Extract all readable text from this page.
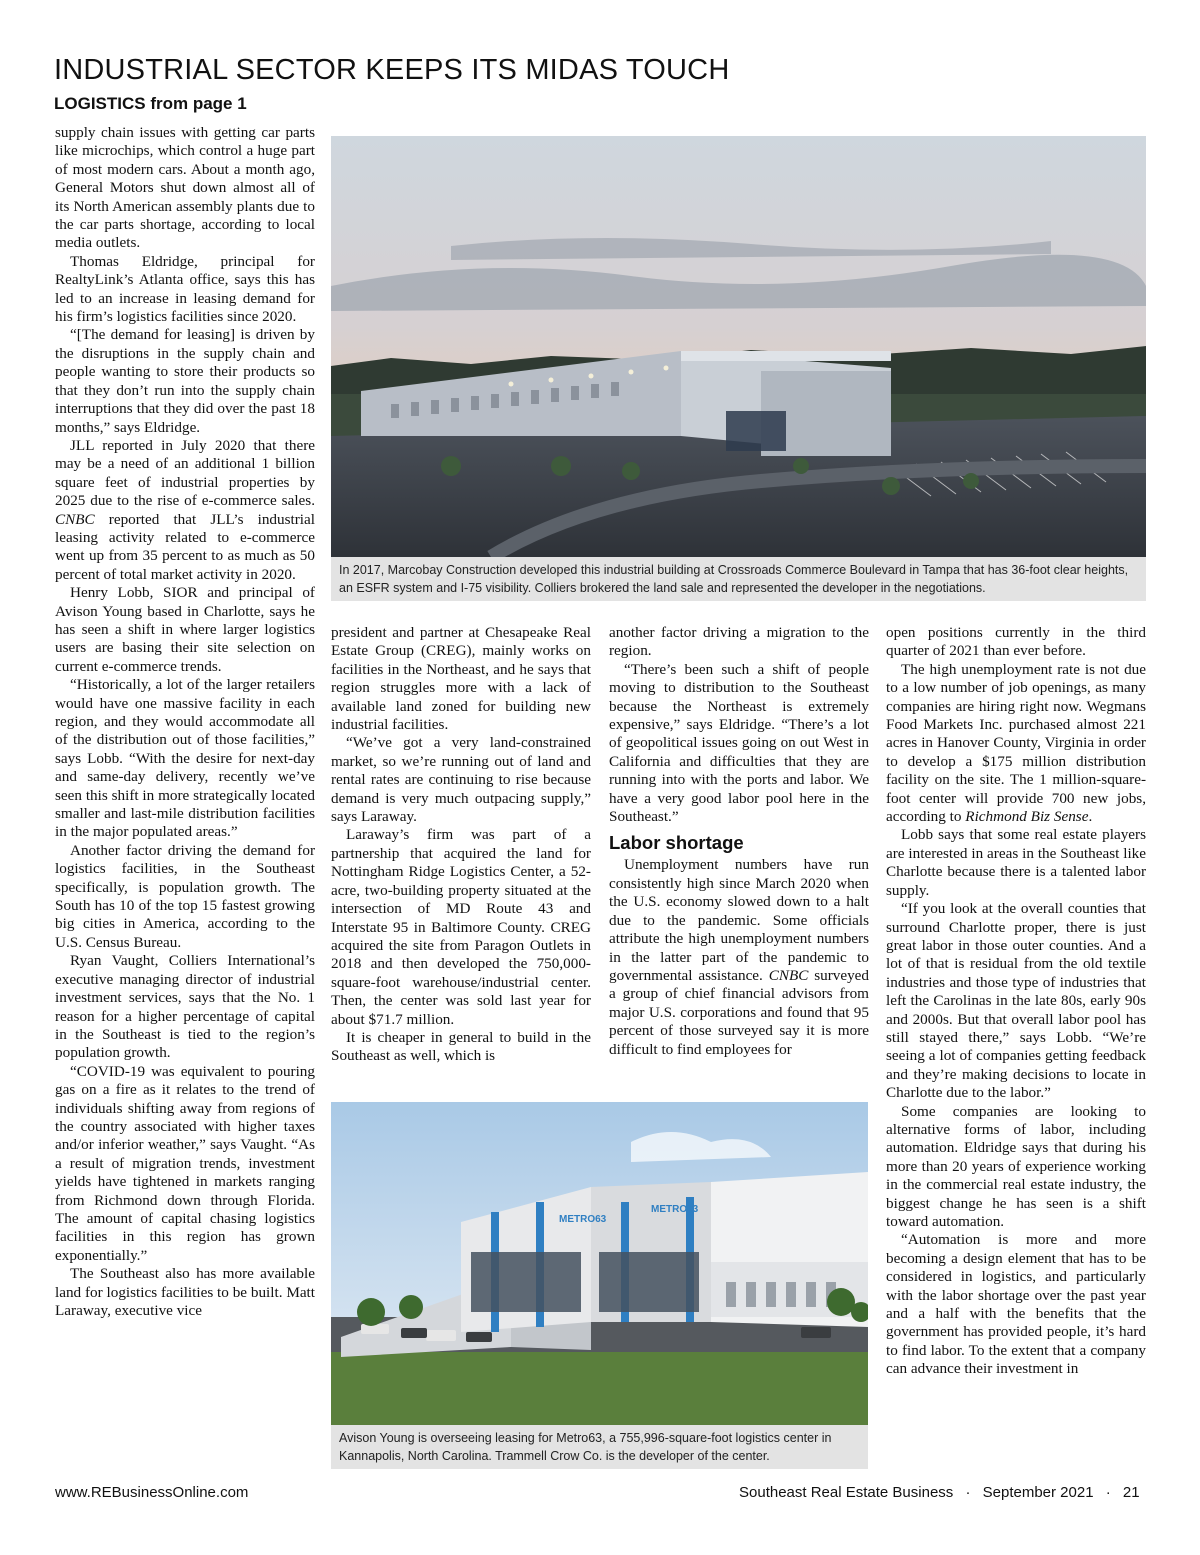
INDUSTRIAL SECTOR KEEPS ITS MIDAS TOUCH
LOGISTICS from page 1

supply chain issues with getting car parts like microchips, which control a huge part of most modern cars. About a month ago, General Motors shut down almost all of its North American assembly plants due to the car parts shortage, according to local media outlets.

Thomas Eldridge, principal for RealtyLink’s Atlanta office, says this has led to an increase in leasing demand for his firm’s logistics facilities since 2020.

“[The demand for leasing] is driven by the disruptions in the supply chain and people wanting to store their products so that they don’t run into the supply chain interruptions that they did over the past 18 months,” says Eldridge.

JLL reported in July 2020 that there may be a need of an additional 1 billion square feet of industrial properties by 2025 due to the rise of e-commerce sales. CNBC reported that JLL’s industrial leasing activity related to e-commerce went up from 35 percent to as much as 50 percent of total market activity in 2020.

Henry Lobb, SIOR and principal of Avison Young based in Charlotte, says he has seen a shift in where larger logistics users are basing their site selection on current e-commerce trends.

“Historically, a lot of the larger retailers would have one massive facility in each region, and they would accommodate all of the distribution out of those facilities,” says Lobb. “With the desire for next-day and same-day delivery, recently we’ve seen this shift in more strategically located smaller and last-mile distribution facilities in the major populated areas.”

Another factor driving the demand for logistics facilities, in the Southeast specifically, is population growth. The South has 10 of the top 15 fastest growing big cities in America, according to the U.S. Census Bureau.

Ryan Vaught, Colliers International’s executive managing director of industrial investment services, says that the No. 1 reason for a higher percentage of capital in the Southeast is tied to the region’s population growth.

“COVID-19 was equivalent to pouring gas on a fire as it relates to the trend of individuals shifting away from regions of the country associated with higher taxes and/or inferior weather,” says Vaught. “As a result of migration trends, investment yields have tightened in markets ranging from Richmond down through Florida. The amount of capital chasing logistics facilities in this region has grown exponentially.”

The Southeast also has more available land for logistics facilities to be built. Matt Laraway, executive vice

In 2017, Marcobay Construction developed this industrial building at Crossroads Commerce Boulevard in Tampa that has 36-foot clear heights, an ESFR system and I-75 visibility. Colliers brokered the land sale and represented the developer in the negotiations.

president and partner at Chesapeake Real Estate Group (CREG), mainly works on facilities in the Northeast, and he says that region struggles more with a lack of available land zoned for building new industrial facilities.

“We’ve got a very land-constrained market, so we’re running out of land and rental rates are continuing to rise because demand is very much outpacing supply,” says Laraway.

Laraway’s firm was part of a partnership that acquired the land for Nottingham Ridge Logistics Center, a 52-acre, two-building property situated at the intersection of MD Route 43 and Interstate 95 in Baltimore County. CREG acquired the site from Paragon Outlets in 2018 and then developed the 750,000-square-foot warehouse/industrial center. Then, the center was sold last year for about $71.7 million.

It is cheaper in general to build in the Southeast as well, which is

another factor driving a migration to the region.

“There’s been such a shift of people moving to distribution to the Southeast because the Northeast is extremely expensive,” says Eldridge. “There’s a lot of geopolitical issues going on out West in California and difficulties that they are running into with the ports and labor. We have a very good labor pool here in the Southeast.”

Labor shortage

Unemployment numbers have run consistently high since March 2020 when the U.S. economy slowed down to a halt due to the pandemic. Some officials attribute the high unemployment numbers in the latter part of the pandemic to governmental assistance. CNBC surveyed a group of chief financial advisors from major U.S. corporations and found that 95 percent of those surveyed say it is more difficult to find employees for

open positions currently in the third quarter of 2021 than ever before.

The high unemployment rate is not due to a low number of job openings, as many companies are hiring right now. Wegmans Food Markets Inc. purchased almost 221 acres in Hanover County, Virginia in order to develop a $175 million distribution facility on the site. The 1 million-square-foot center will provide 700 new jobs, according to Richmond Biz Sense.

Lobb says that some real estate players are interested in areas in the Southeast like Charlotte because there is a talented labor supply.

“If you look at the overall counties that surround Charlotte proper, there is just great labor in those outer counties. And a lot of that is residual from the old textile industries and those type of industries that left the Carolinas in the late 80s, early 90s and 2000s. But that overall labor pool has still stayed there,” says Lobb. “We’re seeing a lot of companies getting feedback and they’re making decisions to locate in Charlotte due to the labor.”

Some companies are looking to alternative forms of labor, including automation. Eldridge says that during his more than 20 years of experience working in the commercial real estate industry, the biggest change he has seen is a shift toward automation.

“Automation is more and more becoming a design element that has to be considered in logistics, and particularly with the labor shortage over the past year and a half with the benefits that the government has provided people, it’s hard to find labor. To the extent that a company can advance their investment in

METRO63
METRO63
Avison Young is overseeing leasing for Metro63, a 755,996-square-foot logistics center in Kannapolis, North Carolina. Trammell Crow Co. is the developer of the center.
www.REBusinessOnline.com	Southeast Real Estate Business · September 2021 · 21
